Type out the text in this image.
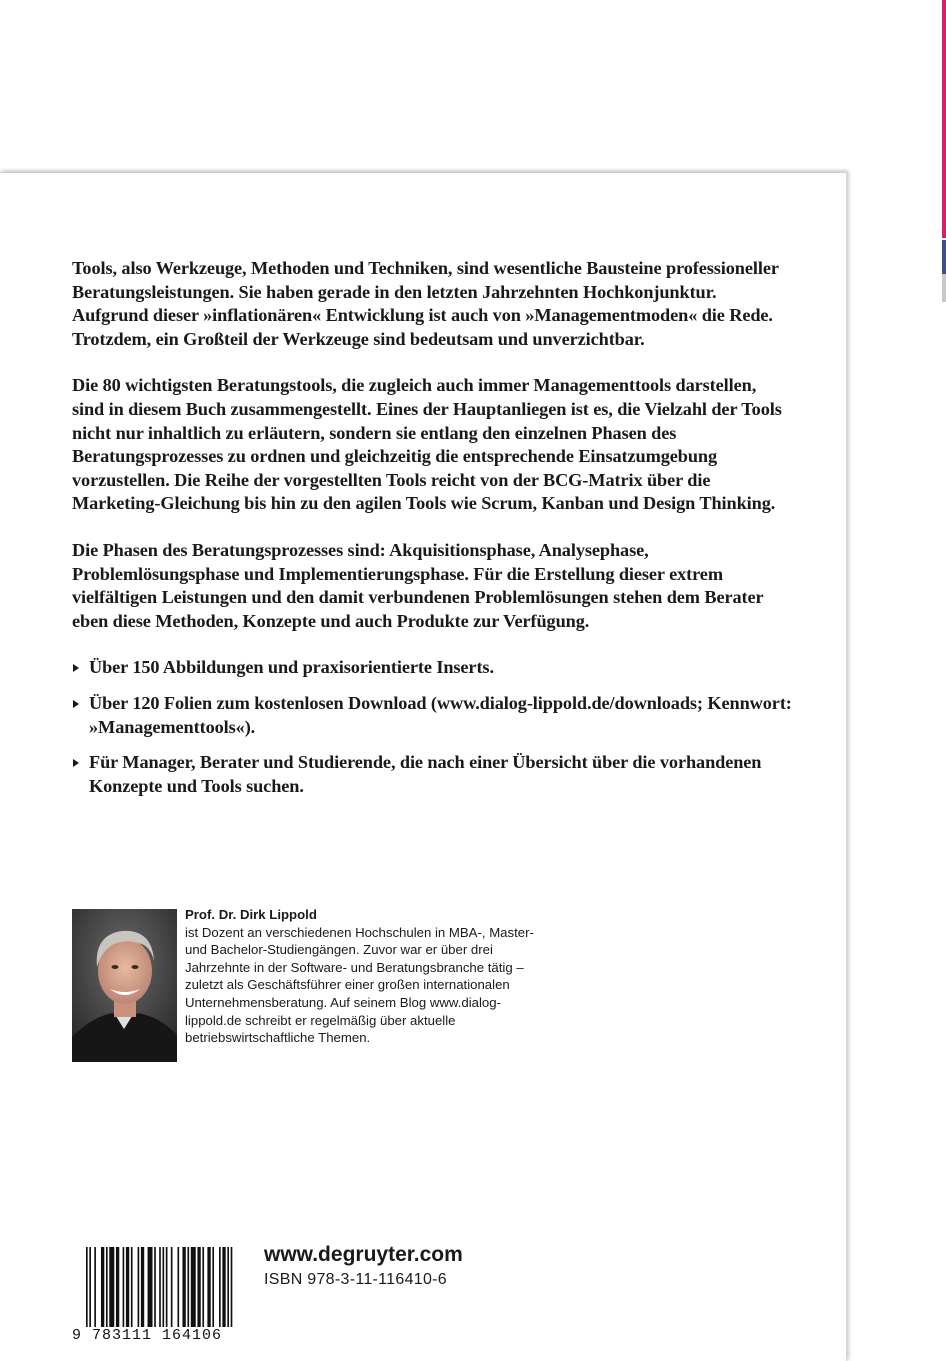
Tools, also Werkzeuge, Methoden und Techniken, sind wesentliche Bausteine professioneller Beratungsleistungen. Sie haben gerade in den letzten Jahrzehnten Hochkonjunktur. Aufgrund dieser »inflationären« Entwicklung ist auch von »Managementmoden« die Rede. Trotzdem, ein Großteil der Werkzeuge sind bedeutsam und unverzichtbar.

Die 80 wichtigsten Beratungstools, die zugleich auch immer Managementtools darstellen, sind in diesem Buch zusammengestellt. Eines der Hauptanliegen ist es, die Vielzahl der Tools nicht nur inhaltlich zu erläutern, sondern sie entlang den einzelnen Phasen des Beratungsprozesses zu ordnen und gleichzeitig die entsprechende Einsatzumgebung vorzustellen. Die Reihe der vorgestellten Tools reicht von der BCG-Matrix über die Marketing-Gleichung bis hin zu den agilen Tools wie Scrum, Kanban und Design Thinking.

Die Phasen des Beratungsprozesses sind: Akquisitionsphase, Analysephase, Problemlösungsphase und Implementierungsphase. Für die Erstellung dieser extrem vielfältigen Leistungen und den damit verbundenen Problemlösungen stehen dem Berater eben diese Methoden, Konzepte und auch Produkte zur Verfügung.

Über 150 Abbildungen und praxisorientierte Inserts.
Über 120 Folien zum kostenlosen Download (www.dialog-lippold.de/downloads; Kennwort: »Managementtools«).
Für Manager, Berater und Studierende, die nach einer Übersicht über die vorhandenen Konzepte und Tools suchen.
Prof. Dr. Dirk Lippold
ist Dozent an verschiedenen Hochschulen in MBA-, Master- und Bachelor-Studiengängen. Zuvor war er über drei Jahrzehnte in der Software- und Beratungsbranche tätig – zuletzt als Geschäftsführer einer großen internationalen Unternehmensberatung. Auf seinem Blog www.dialog-lippold.de schreibt er regelmäßig über aktuelle betriebswirtschaftliche Themen.
9 783111 164106
www.degruyter.com
ISBN 978-3-11-116410-6
